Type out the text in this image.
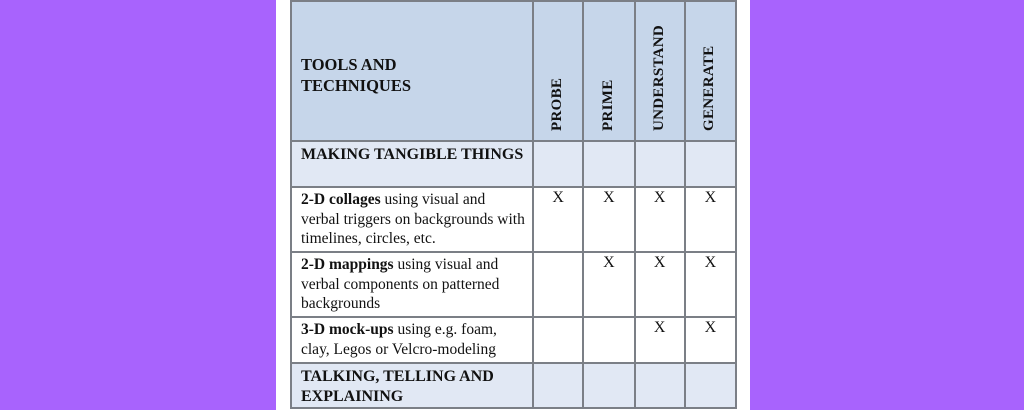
TOOLS AND TECHNIQUES	PROBE	PRIME	UNDERSTAND	GENERATE

MAKING TANGIBLE THINGS				
2-D collages using visual and verbal triggers on backgrounds with timelines, circles, etc.	X	X	X	X
2-D mappings using visual and verbal components on patterned backgrounds		X	X	X
3-D mock-ups using e.g. foam, clay, Legos or Velcro-modeling			X	X
TALKING, TELLING AND EXPLAINING				
